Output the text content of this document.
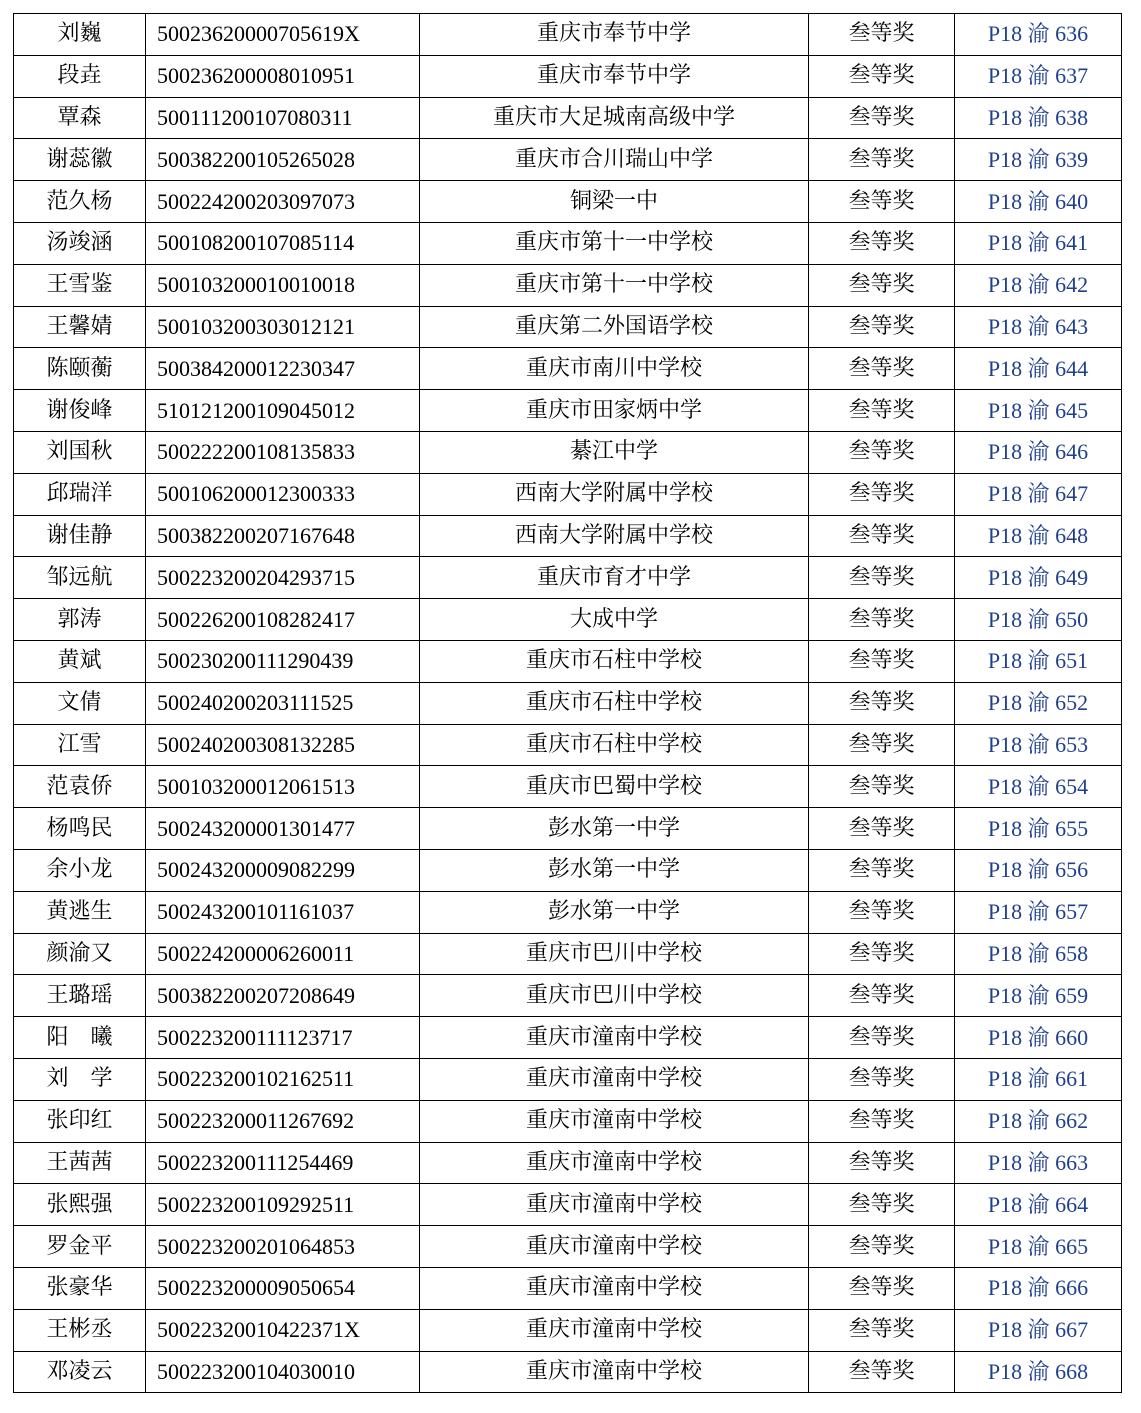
刘巍	50023620000705619X	重庆市奉节中学	叁等奖	P18 渝 636
段垚	500236200008010951	重庆市奉节中学	叁等奖	P18 渝 637
覃森	500111200107080311	重庆市大足城南高级中学	叁等奖	P18 渝 638
谢蕊徽	500382200105265028	重庆市合川瑞山中学	叁等奖	P18 渝 639
范久杨	500224200203097073	铜梁一中	叁等奖	P18 渝 640
汤竣涵	500108200107085114	重庆市第十一中学校	叁等奖	P18 渝 641
王雪鉴	500103200010010018	重庆市第十一中学校	叁等奖	P18 渝 642
王馨婧	500103200303012121	重庆第二外国语学校	叁等奖	P18 渝 643
陈颐蘅	500384200012230347	重庆市南川中学校	叁等奖	P18 渝 644
谢俊峰	510121200109045012	重庆市田家炳中学	叁等奖	P18 渝 645
刘国秋	500222200108135833	綦江中学	叁等奖	P18 渝 646
邱瑞洋	500106200012300333	西南大学附属中学校	叁等奖	P18 渝 647
谢佳静	500382200207167648	西南大学附属中学校	叁等奖	P18 渝 648
邹远航	500223200204293715	重庆市育才中学	叁等奖	P18 渝 649
郭涛	500226200108282417	大成中学	叁等奖	P18 渝 650
黄斌	500230200111290439	重庆市石柱中学校	叁等奖	P18 渝 651
文倩	500240200203111525	重庆市石柱中学校	叁等奖	P18 渝 652
江雪	500240200308132285	重庆市石柱中学校	叁等奖	P18 渝 653
范袁侨	500103200012061513	重庆市巴蜀中学校	叁等奖	P18 渝 654
杨鸣民	500243200001301477	彭水第一中学	叁等奖	P18 渝 655
余小龙	500243200009082299	彭水第一中学	叁等奖	P18 渝 656
黄逃生	500243200101161037	彭水第一中学	叁等奖	P18 渝 657
颜渝又	500224200006260011	重庆市巴川中学校	叁等奖	P18 渝 658
王璐瑶	500382200207208649	重庆市巴川中学校	叁等奖	P18 渝 659
阳　曦	500223200111123717	重庆市潼南中学校	叁等奖	P18 渝 660
刘　学	500223200102162511	重庆市潼南中学校	叁等奖	P18 渝 661
张印红	500223200011267692	重庆市潼南中学校	叁等奖	P18 渝 662
王茜茜	500223200111254469	重庆市潼南中学校	叁等奖	P18 渝 663
张熙强	500223200109292511	重庆市潼南中学校	叁等奖	P18 渝 664
罗金平	500223200201064853	重庆市潼南中学校	叁等奖	P18 渝 665
张豪华	500223200009050654	重庆市潼南中学校	叁等奖	P18 渝 666
王彬丞	50022320010422371X	重庆市潼南中学校	叁等奖	P18 渝 667
邓凌云	500223200104030010	重庆市潼南中学校	叁等奖	P18 渝 668
